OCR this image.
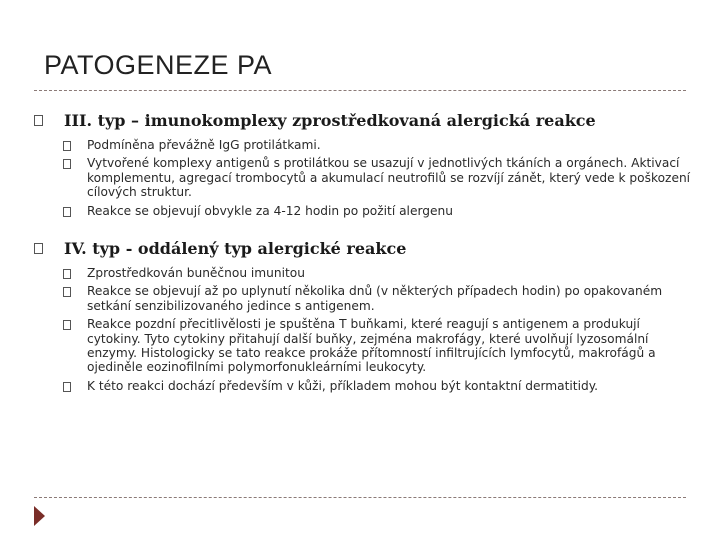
PATOGENEZE PA
III. typ – imunokomplexy zprostředkovaná alergická reakce
Podmíněna převážně IgG protilátkami.
Vytvořené komplexy antigenů s protilátkou se usazují v jednotlivých tkáních a orgánech. Aktivací komplementu, agregací trombocytů a akumulací neutrofilů se rozvíjí zánět, který vede k poškození cílových struktur.
Reakce se objevují obvykle za 4-12 hodin po požití alergenu
IV. typ - oddálený typ alergické reakce
Zprostředkován buněčnou imunitou
Reakce se objevují až po uplynutí několika dnů (v některých případech hodin) po opakovaném setkání senzibilizovaného jedince s antigenem.
Reakce pozdní přecitlivělosti je spuštěna T buňkami, které reagují s antigenem a produkují cytokiny. Tyto cytokiny přitahují další buňky, zejména makrofágy, které uvolňují lyzosomální enzymy. Histologicky se tato reakce prokáže přítomností infiltrujících lymfocytů, makrofágů a ojediněle eozinofilními polymorfonukleárními leukocyty.
K této reakci dochází především v kůži, příkladem mohou být kontaktní dermatitidy.
